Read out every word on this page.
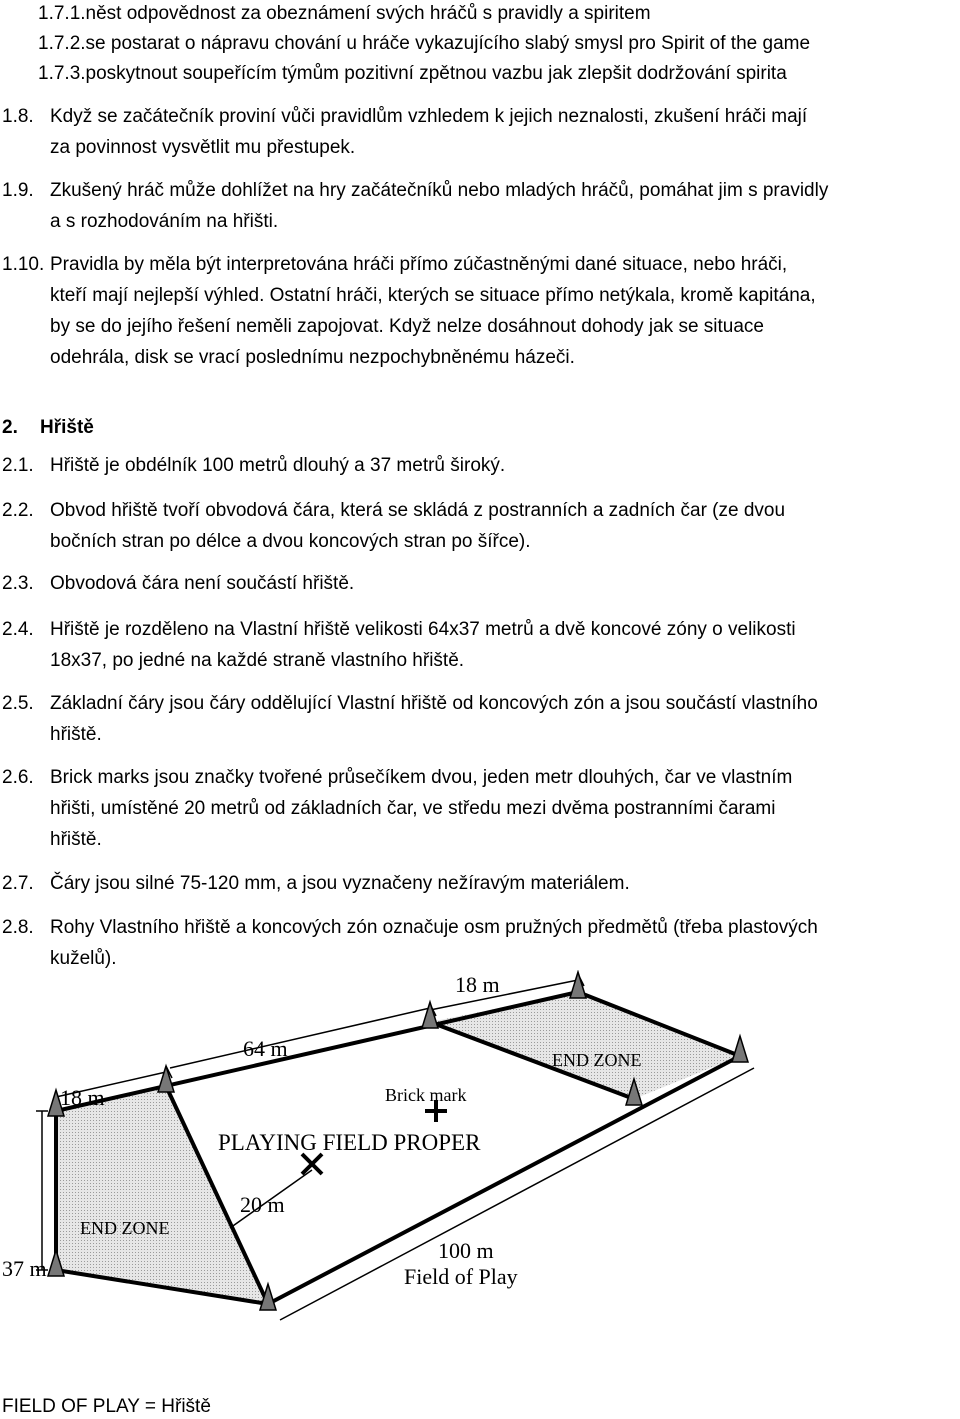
1.7.1.něst odpovědnost za obeznámení svých hráčů s pravidly a spiritem
1.7.2.se postarat o nápravu chování u hráče vykazujícího slabý smysl pro Spirit of the game
1.7.3.poskytnout soupeřícím týmům pozitivní zpětnou vazbu jak zlepšit dodržování spirita
1.8. Když se začátečník proviní vůči pravidlům vzhledem k jejich neznalosti, zkušení hráči mají
za povinnost vysvětlit mu přestupek.
1.9. Zkušený hráč může dohlížet na hry začátečníků nebo mladých hráčů, pomáhat jim s pravidly
a s rozhodováním na hřišti.
1.10. Pravidla by měla být interpretována hráči přímo zúčastněnými dané situace, nebo hráči,
kteří mají nejlepší výhled. Ostatní hráči, kterých se situace přímo netýkala, kromě kapitána,
by se do jejího řešení neměli zapojovat. Když nelze dosáhnout dohody jak se situace
odehrála, disk se vrací poslednímu nezpochybněnému házeči.
2. Hřiště
2.1. Hřiště je obdélník 100 metrů dlouhý a 37 metrů široký.
2.2. Obvod hřiště tvoří obvodová čára, která se skládá z postranních a zadních čar (ze dvou
bočních stran po délce a dvou koncových stran po šířce).
2.3. Obvodová čára není součástí hřiště.
2.4. Hřiště je rozděleno na Vlastní hřiště velikosti 64x37 metrů a dvě koncové zóny o velikosti
18x37, po jedné na každé straně vlastního hřiště.
2.5. Základní čáry jsou čáry oddělující Vlastní hřiště od koncových zón a jsou součástí vlastního
hřiště.
2.6. Brick marks jsou značky tvořené průsečíkem dvou, jeden metr dlouhých, čar ve vlastním
hřišti, umístěné 20 metrů od základních čar, ve středu mezi dvěma postranními čarami
hřiště.
2.7. Čáry jsou silné 75-120 mm, a jsou vyznačeny nežíravým materiálem.
2.8. Rohy Vlastního hřiště a koncových zón označuje osm pružných předmětů (třeba plastových
kuželů).
18 m
64 m	END ZONE
18 m	Brick mark
PLAYING FIELD PROPER
20 m
END ZONE
37 m
100 m
Field of Play
FIELD OF PLAY = Hřiště
